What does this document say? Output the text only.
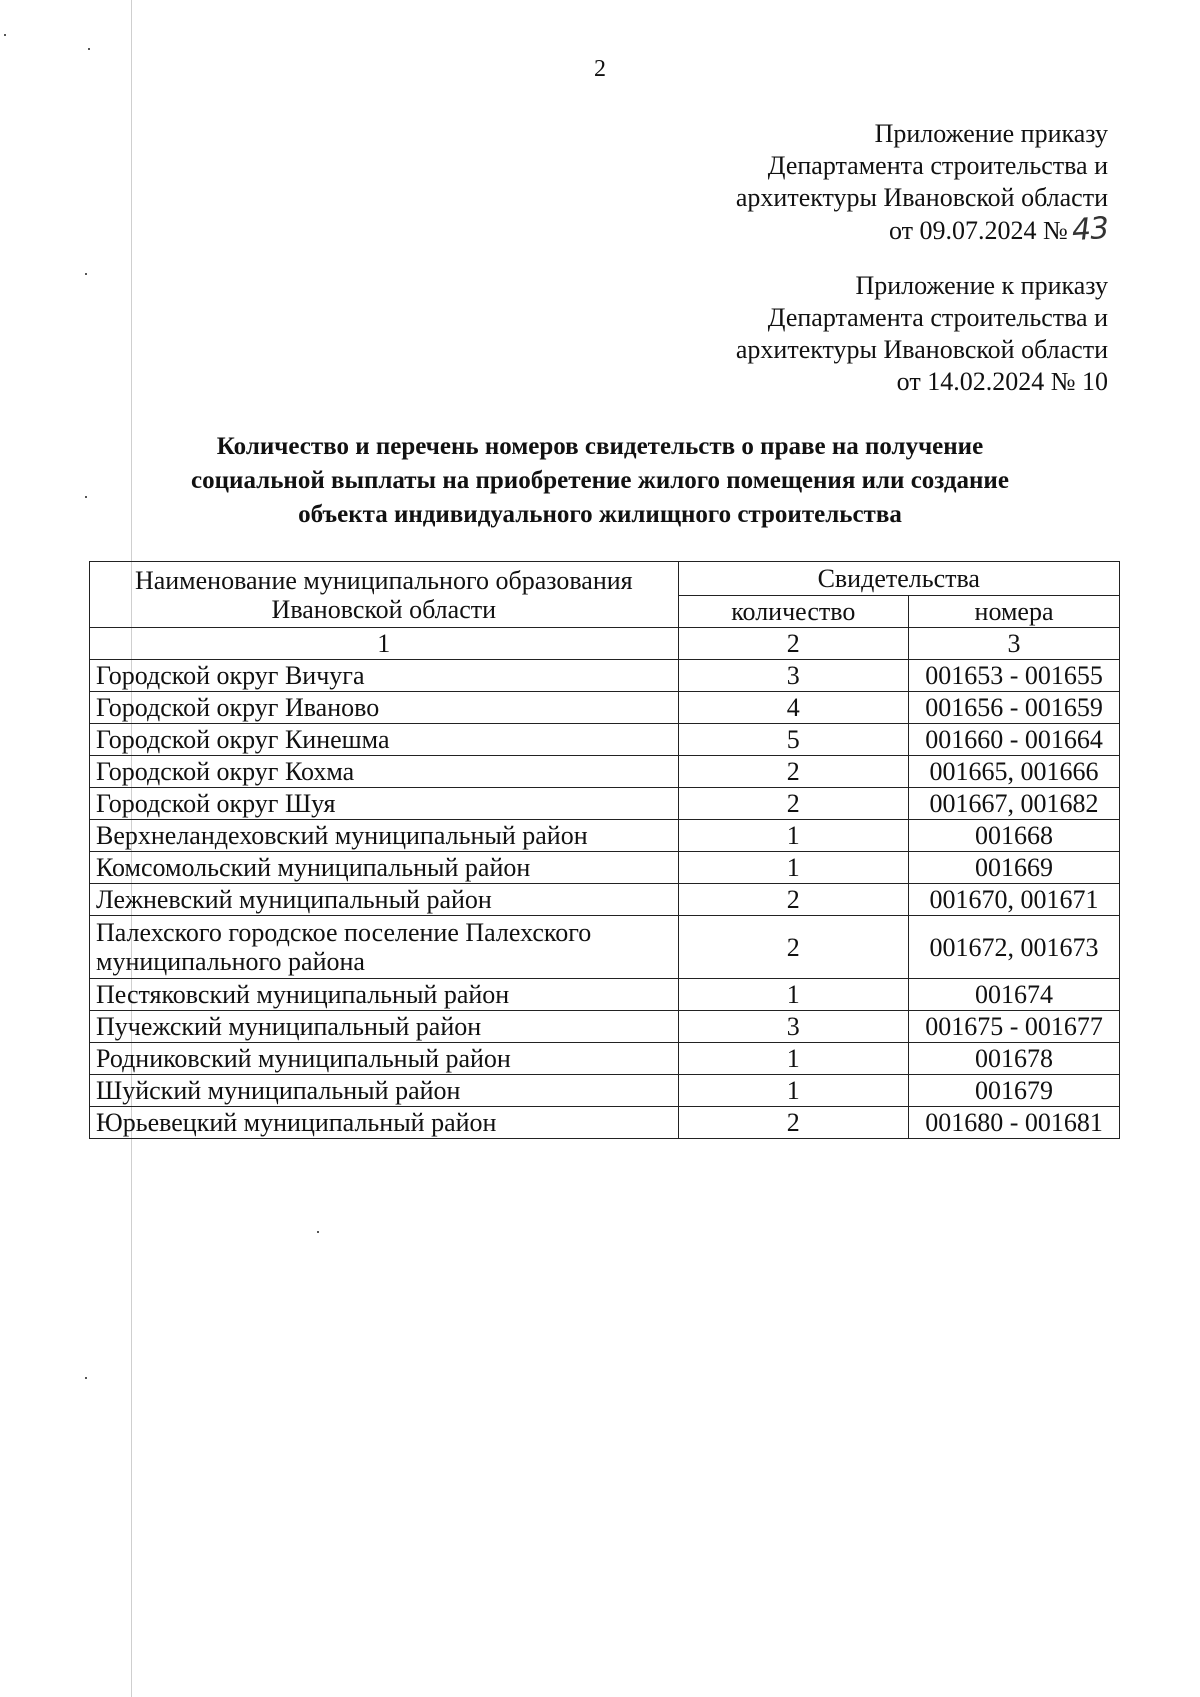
2
Приложение приказу
Департамента строительства и
архитектуры Ивановской области
от 09.07.2024 №43
Приложение к приказу
Департамента строительства и
архитектуры Ивановской области
от 14.02.2024 № 10
Количество и перечень номеров свидетельств о праве на получение
социальной выплаты на приобретение жилого помещения или создание
объекта индивидуального жилищного строительства
Наименование муниципального образования Ивановской области	Свидетельства	
	количество	номера
1	2	3
Городской округ Вичуга	3	001653 - 001655
Городской округ Иваново	4	001656 - 001659
Городской округ Кинешма	5	001660 - 001664
Городской округ Кохма	2	001665, 001666
Городской округ Шуя	2	001667, 001682
Верхнеландеховский муниципальный район	1	001668
Комсомольский муниципальный район	1	001669
Лежневский муниципальный район	2	001670, 001671
Палехского городское поселение Палехского муниципального района	2	001672, 001673
Пестяковский муниципальный район	1	001674
Пучежский муниципальный район	3	001675 - 001677
Родниковский муниципальный район	1	001678
Шуйский муниципальный район	1	001679
Юрьевецкий муниципальный район	2	001680 - 001681
